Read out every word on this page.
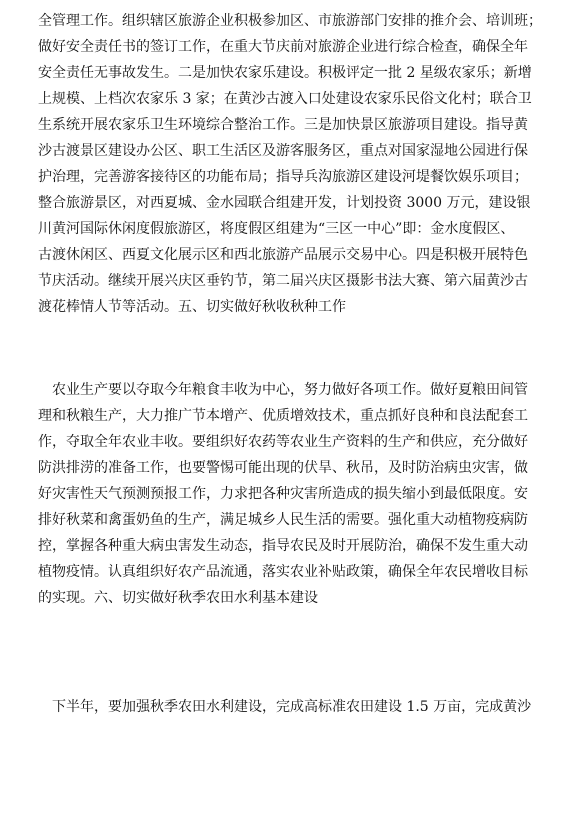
全管理工作。组织辖区旅游企业积极参加区、市旅游部门安排的推介会、培训班；
做好安全责任书的签订工作，在重大节庆前对旅游企业进行综合检查，确保全年
安全责任无事故发生。二是加快农家乐建设。积极评定一批 2 星级农家乐；新增
上规模、上档次农家乐 3 家；在黄沙古渡入口处建设农家乐民俗文化村；联合卫
生系统开展农家乐卫生环境综合整治工作。三是加快景区旅游项目建设。指导黄
沙古渡景区建设办公区、职工生活区及游客服务区，重点对国家湿地公园进行保
护治理，完善游客接待区的功能布局；指导兵沟旅游区建设河堤餐饮娱乐项目；
整合旅游景区，对西夏城、金水园联合组建开发，计划投资 3000 万元，建设银
川黄河国际休闲度假旅游区，将度假区组建为“三区一中心”即：金水度假区、
古渡休闲区、西夏文化展示区和西北旅游产品展示交易中心。四是积极开展特色
节庆活动。继续开展兴庆区垂钓节，第二届兴庆区摄影书法大赛、第六届黄沙古
渡花棒情人节等活动。五、切实做好秋收秋种工作
　农业生产要以夺取今年粮食丰收为中心，努力做好各项工作。做好夏粮田间管
理和秋粮生产，大力推广节本增产、优质增效技术，重点抓好良种和良法配套工
作，夺取全年农业丰收。要组织好农药等农业生产资料的生产和供应，充分做好
防洪排涝的准备工作，也要警惕可能出现的伏旱、秋吊，及时防治病虫灾害，做
好灾害性天气预测预报工作，力求把各种灾害所造成的损失缩小到最低限度。安
排好秋菜和禽蛋奶鱼的生产，满足城乡人民生活的需要。强化重大动植物疫病防
控，掌握各种重大病虫害发生动态，指导农民及时开展防治，确保不发生重大动
植物疫情。认真组织好农产品流通，落实农业补贴政策，确保全年农民增收目标
的实现。六、切实做好秋季农田水利基本建设
　下半年，要加强秋季农田水利建设，完成高标准农田建设 1.5 万亩，完成黄沙
